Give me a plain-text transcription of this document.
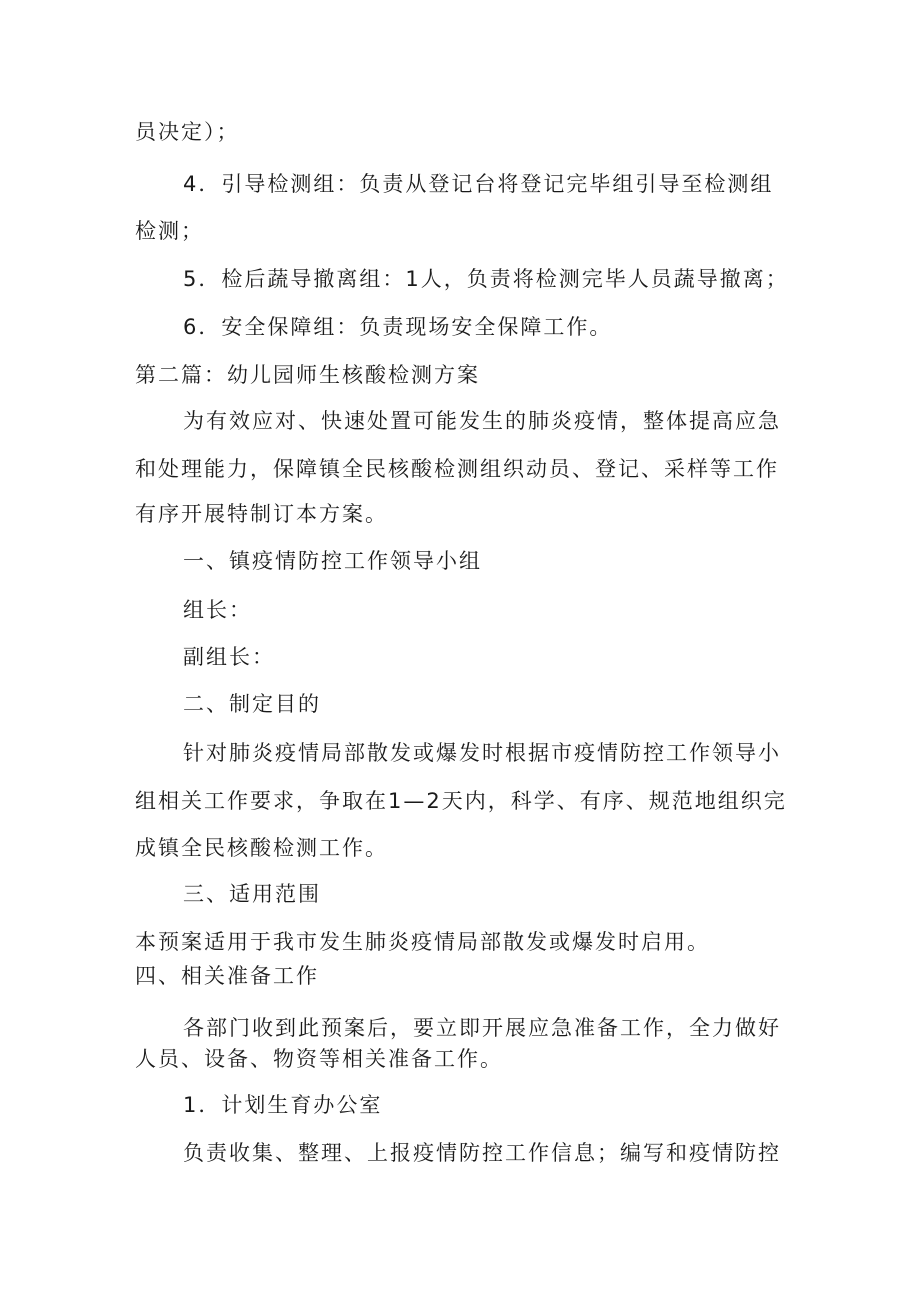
员决定）；
4．引导检测组：负责从登记台将登记完毕组引导至检测组
检测；
5．检后蔬导撤离组：1人，负责将检测完毕人员蔬导撤离；
6．安全保障组：负责现场安全保障工作。
第二篇：幼儿园师生核酸检测方案
为有效应对、快速处置可能发生的肺炎疫情，整体提高应急
和处理能力，保障镇全民核酸检测组织动员、登记、采样等工作
有序开展特制订本方案。
一、镇疫情防控工作领导小组
组长：
副组长：
二、制定目的
针对肺炎疫情局部散发或爆发时根据市疫情防控工作领导小
组相关工作要求，争取在1—2天内，科学、有序、规范地组织完
成镇全民核酸检测工作。
三、适用范围
本预案适用于我市发生肺炎疫情局部散发或爆发时启用。
四、相关准备工作
各部门收到此预案后，要立即开展应急准备工作，全力做好
人员、设备、物资等相关准备工作。
1．计划生育办公室
负责收集、整理、上报疫情防控工作信息；编写和疫情防控
